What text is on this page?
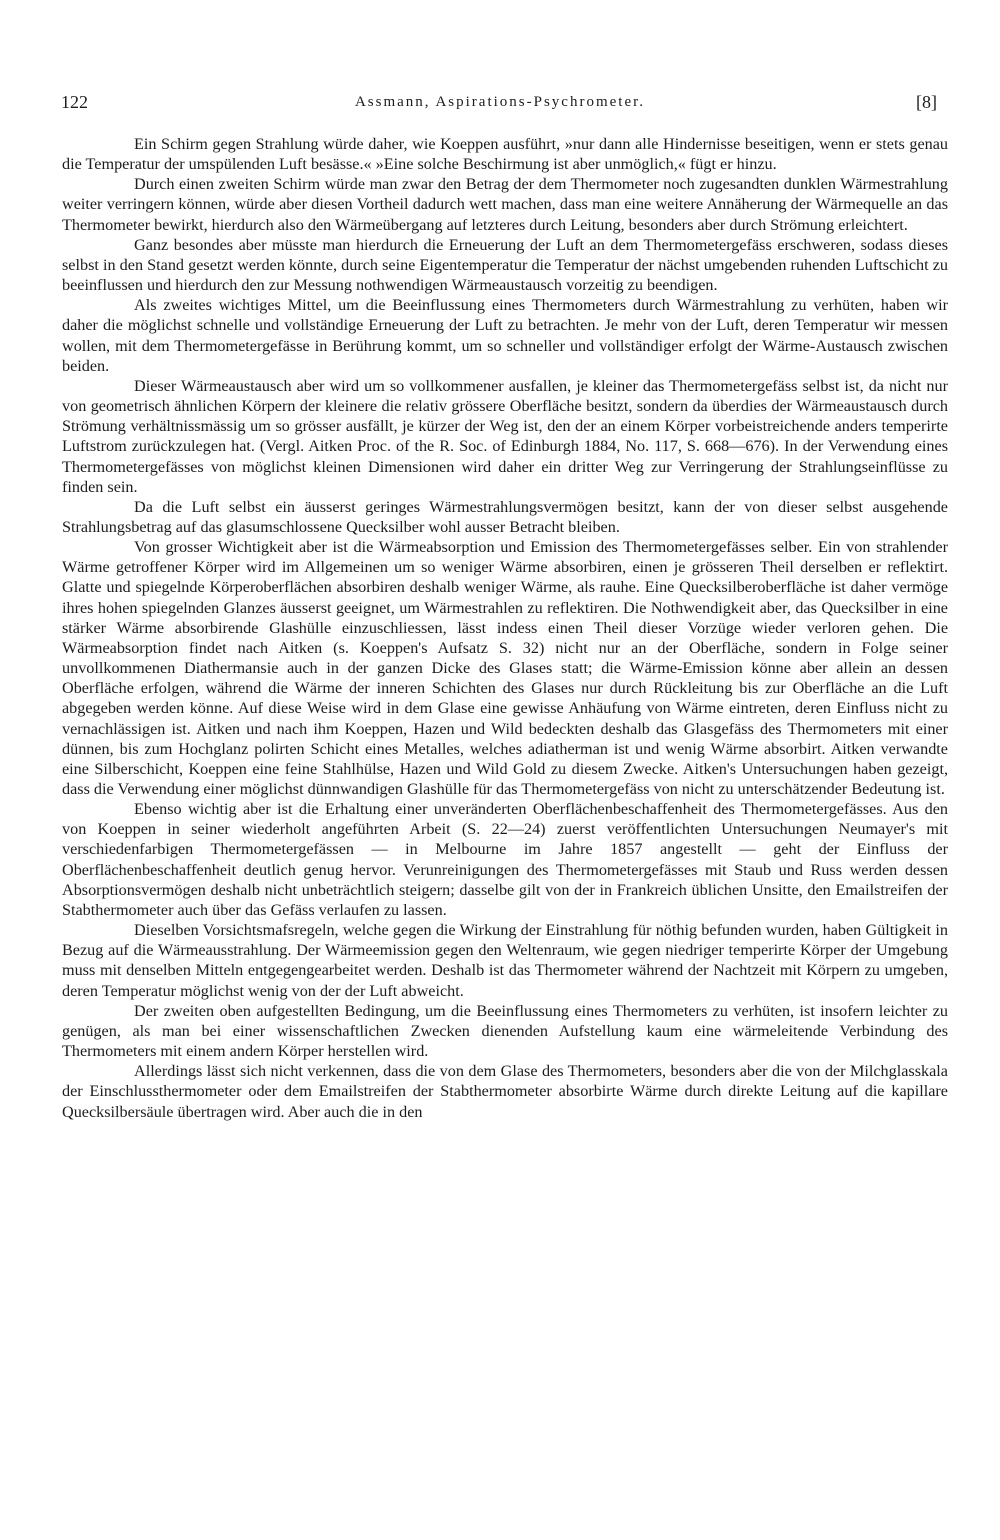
122	Assmann, Aspirations-Psychrometer.	[8]

Ein Schirm gegen Strahlung würde daher, wie Koeppen ausführt, »nur dann alle Hindernisse beseitigen, wenn er stets genau die Temperatur der umspülenden Luft besässe.« »Eine solche Beschirmung ist aber unmöglich,« fügt er hinzu.

Durch einen zweiten Schirm würde man zwar den Betrag der dem Thermometer noch zugesandten dunklen Wärmestrahlung weiter verringern können, würde aber diesen Vortheil dadurch wett machen, dass man eine weitere Annäherung der Wärmequelle an das Thermometer bewirkt, hierdurch also den Wärmeübergang auf letzteres durch Leitung, besonders aber durch Strömung erleichtert.

Ganz besondes aber müsste man hierdurch die Erneuerung der Luft an dem Thermometergefäss erschweren, sodass dieses selbst in den Stand gesetzt werden könnte, durch seine Eigentemperatur die Temperatur der nächst umgebenden ruhenden Luftschicht zu beeinflussen und hierdurch den zur Messung nothwendigen Wärmeaustausch vorzeitig zu beendigen.

Als zweites wichtiges Mittel, um die Beeinflussung eines Thermometers durch Wärmestrahlung zu verhüten, haben wir daher die möglichst schnelle und vollständige Erneuerung der Luft zu betrachten. Je mehr von der Luft, deren Temperatur wir messen wollen, mit dem Thermometergefässe in Berührung kommt, um so schneller und vollständiger erfolgt der Wärme-Austausch zwischen beiden.

Dieser Wärmeaustausch aber wird um so vollkommener ausfallen, je kleiner das Thermometergefäss selbst ist, da nicht nur von geometrisch ähnlichen Körpern der kleinere die relativ grössere Oberfläche besitzt, sondern da überdies der Wärmeaustausch durch Strömung verhältnissmässig um so grösser ausfällt, je kürzer der Weg ist, den der an einem Körper vorbeistreichende anders temperirte Luftstrom zurückzulegen hat. (Vergl. Aitken Proc. of the R. Soc. of Edinburgh 1884, No. 117, S. 668—676). In der Verwendung eines Thermometergefässes von möglichst kleinen Dimensionen wird daher ein dritter Weg zur Verringerung der Strahlungseinflüsse zu finden sein.

Da die Luft selbst ein äusserst geringes Wärmestrahlungsvermögen besitzt, kann der von dieser selbst ausgehende Strahlungsbetrag auf das glasumschlossene Quecksilber wohl ausser Betracht bleiben.

Von grosser Wichtigkeit aber ist die Wärmeabsorption und Emission des Thermometergefässes selber. Ein von strahlender Wärme getroffener Körper wird im Allgemeinen um so weniger Wärme absorbiren, einen je grösseren Theil derselben er reflektirt. Glatte und spiegelnde Körperoberflächen absorbiren deshalb weniger Wärme, als rauhe. Eine Quecksilberoberfläche ist daher vermöge ihres hohen spiegelnden Glanzes äusserst geeignet, um Wärmestrahlen zu reflektiren. Die Nothwendigkeit aber, das Quecksilber in eine stärker Wärme absorbirende Glashülle einzuschliessen, lässt indess einen Theil dieser Vorzüge wieder verloren gehen. Die Wärmeabsorption findet nach Aitken (s. Koeppen's Aufsatz S. 32) nicht nur an der Oberfläche, sondern in Folge seiner unvollkommenen Diathermansie auch in der ganzen Dicke des Glases statt; die Wärme-Emission könne aber allein an dessen Oberfläche erfolgen, während die Wärme der inneren Schichten des Glases nur durch Rückleitung bis zur Oberfläche an die Luft abgegeben werden könne. Auf diese Weise wird in dem Glase eine gewisse Anhäufung von Wärme eintreten, deren Einfluss nicht zu vernachlässigen ist. Aitken und nach ihm Koeppen, Hazen und Wild bedeckten deshalb das Glasgefäss des Thermometers mit einer dünnen, bis zum Hochglanz polirten Schicht eines Metalles, welches adiatherman ist und wenig Wärme absorbirt. Aitken verwandte eine Silberschicht, Koeppen eine feine Stahlhülse, Hazen und Wild Gold zu diesem Zwecke. Aitken's Untersuchungen haben gezeigt, dass die Verwendung einer möglichst dünnwandigen Glashülle für das Thermometergefäss von nicht zu unterschätzender Bedeutung ist.

Ebenso wichtig aber ist die Erhaltung einer unveränderten Oberflächenbeschaffenheit des Thermometergefässes. Aus den von Koeppen in seiner wiederholt angeführten Arbeit (S. 22—24) zuerst veröffentlichten Untersuchungen Neumayer's mit verschiedenfarbigen Thermometergefässen — in Melbourne im Jahre 1857 angestellt — geht der Einfluss der Oberflächenbeschaffenheit deutlich genug hervor. Verunreinigungen des Thermometergefässes mit Staub und Russ werden dessen Absorptionsvermögen deshalb nicht unbeträchtlich steigern; dasselbe gilt von der in Frankreich üblichen Unsitte, den Emailstreifen der Stabthermometer auch über das Gefäss verlaufen zu lassen.

Dieselben Vorsichtsmafsregeln, welche gegen die Wirkung der Einstrahlung für nöthig befunden wurden, haben Gültigkeit in Bezug auf die Wärmeausstrahlung. Der Wärmeemission gegen den Weltenraum, wie gegen niedriger temperirte Körper der Umgebung muss mit denselben Mitteln entgegengearbeitet werden. Deshalb ist das Thermometer während der Nachtzeit mit Körpern zu umgeben, deren Temperatur möglichst wenig von der der Luft abweicht.

Der zweiten oben aufgestellten Bedingung, um die Beeinflussung eines Thermometers zu verhüten, ist insofern leichter zu genügen, als man bei einer wissenschaftlichen Zwecken dienenden Aufstellung kaum eine wärmeleitende Verbindung des Thermometers mit einem andern Körper herstellen wird.

Allerdings lässt sich nicht verkennen, dass die von dem Glase des Thermometers, besonders aber die von der Milchglasskala der Einschlussthermometer oder dem Emailstreifen der Stabthermometer absorbirte Wärme durch direkte Leitung auf die kapillare Quecksilbersäule übertragen wird. Aber auch die in den
